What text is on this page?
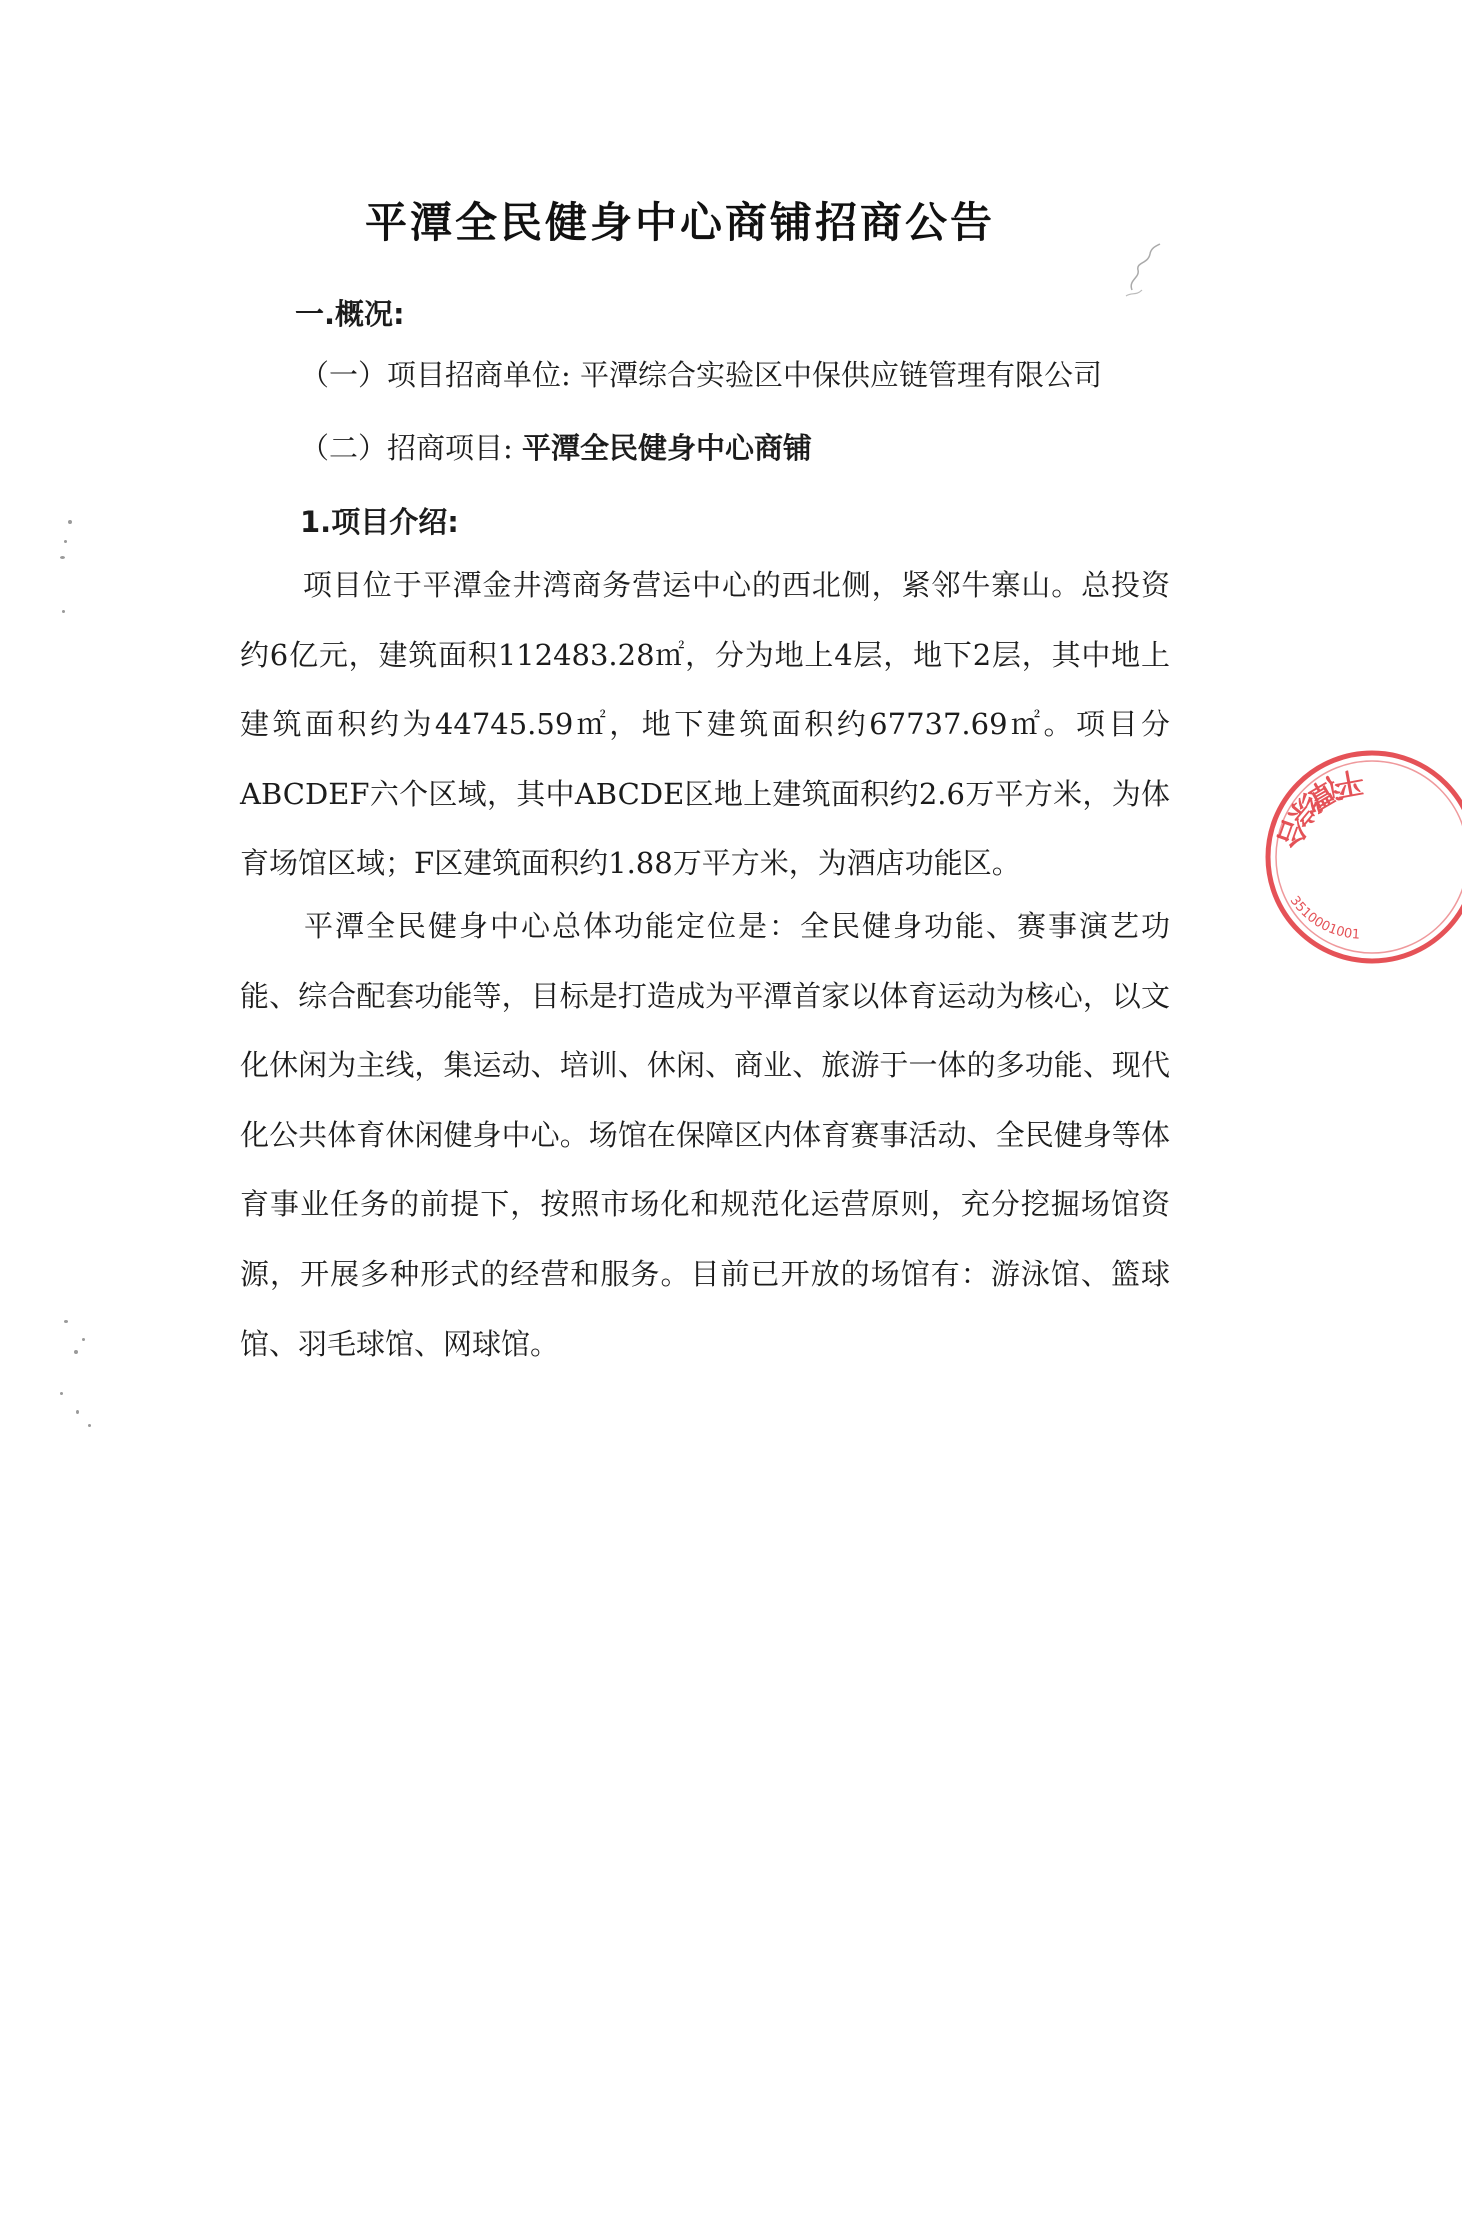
平潭全民健身中心商铺招商公告
一.概况:
（一）项目招商单位: 平潭综合实验区中保供应链管理有限公司
（二）招商项目: 平潭全民健身中心商铺
1.项目介绍:
项目位于平潭金井湾商务营运中心的西北侧，紧邻牛寨山。总投资约6亿元，建筑面积112483.28㎡，分为地上4层，地下2层，其中地上建筑面积约为44745.59㎡，地下建筑面积约67737.69㎡。项目分ABCDEF六个区域，其中ABCDE区地上建筑面积约2.6万平方米，为体育场馆区域；F区建筑面积约1.88万平方米，为酒店功能区。
平潭全民健身中心总体功能定位是：全民健身功能、赛事演艺功能、综合配套功能等，目标是打造成为平潭首家以体育运动为核心，以文化休闲为主线，集运动、培训、休闲、商业、旅游于一体的多功能、现代化公共体育休闲健身中心。场馆在保障区内体育赛事活动、全民健身等体育事业任务的前提下，按照市场化和规范化运营原则，充分挖掘场馆资源，开展多种形式的经营和服务。目前已开放的场馆有：游泳馆、篮球馆、羽毛球馆、网球馆。
平潭综合
3510001001
